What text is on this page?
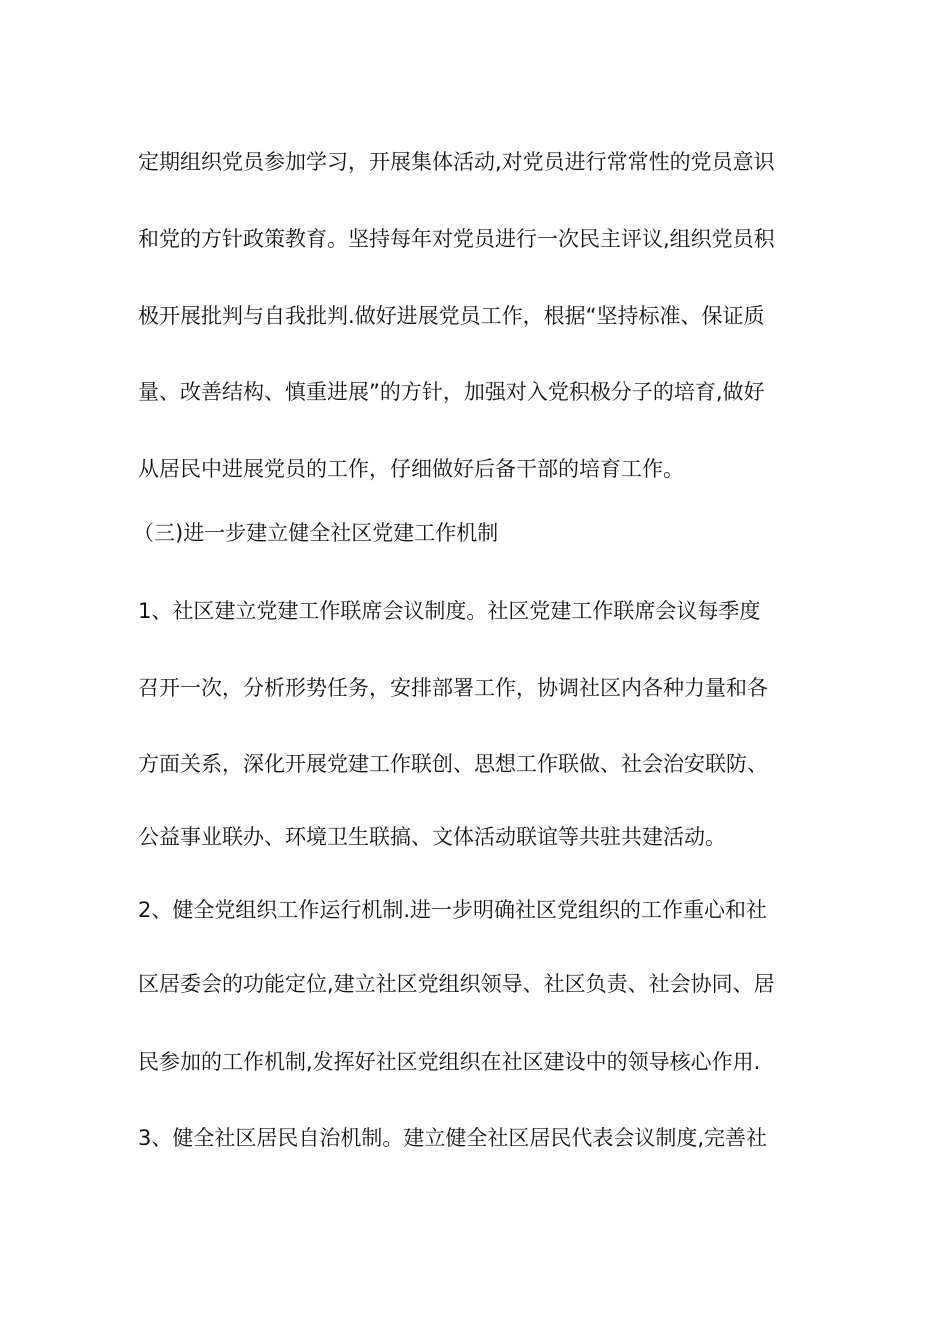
定期组织党员参加学习，开展集体活动,对党员进行常常性的党员意识
和党的方针政策教育。坚持每年对党员进行一次民主评议,组织党员积
极开展批判与自我批判.做好进展党员工作，根据“坚持标准、保证质
量、改善结构、慎重进展”的方针，加强对入党积极分子的培育,做好
从居民中进展党员的工作，仔细做好后备干部的培育工作。
（三)进一步建立健全社区党建工作机制
1、社区建立党建工作联席会议制度。社区党建工作联席会议每季度
召开一次，分析形势任务，安排部署工作，协调社区内各种力量和各
方面关系，深化开展党建工作联创、思想工作联做、社会治安联防、
公益事业联办、环境卫生联搞、文体活动联谊等共驻共建活动。
2、健全党组织工作运行机制.进一步明确社区党组织的工作重心和社
区居委会的功能定位,建立社区党组织领导、社区负责、社会协同、居
民参加的工作机制,发挥好社区党组织在社区建设中的领导核心作用.
3、健全社区居民自治机制。建立健全社区居民代表会议制度,完善社
